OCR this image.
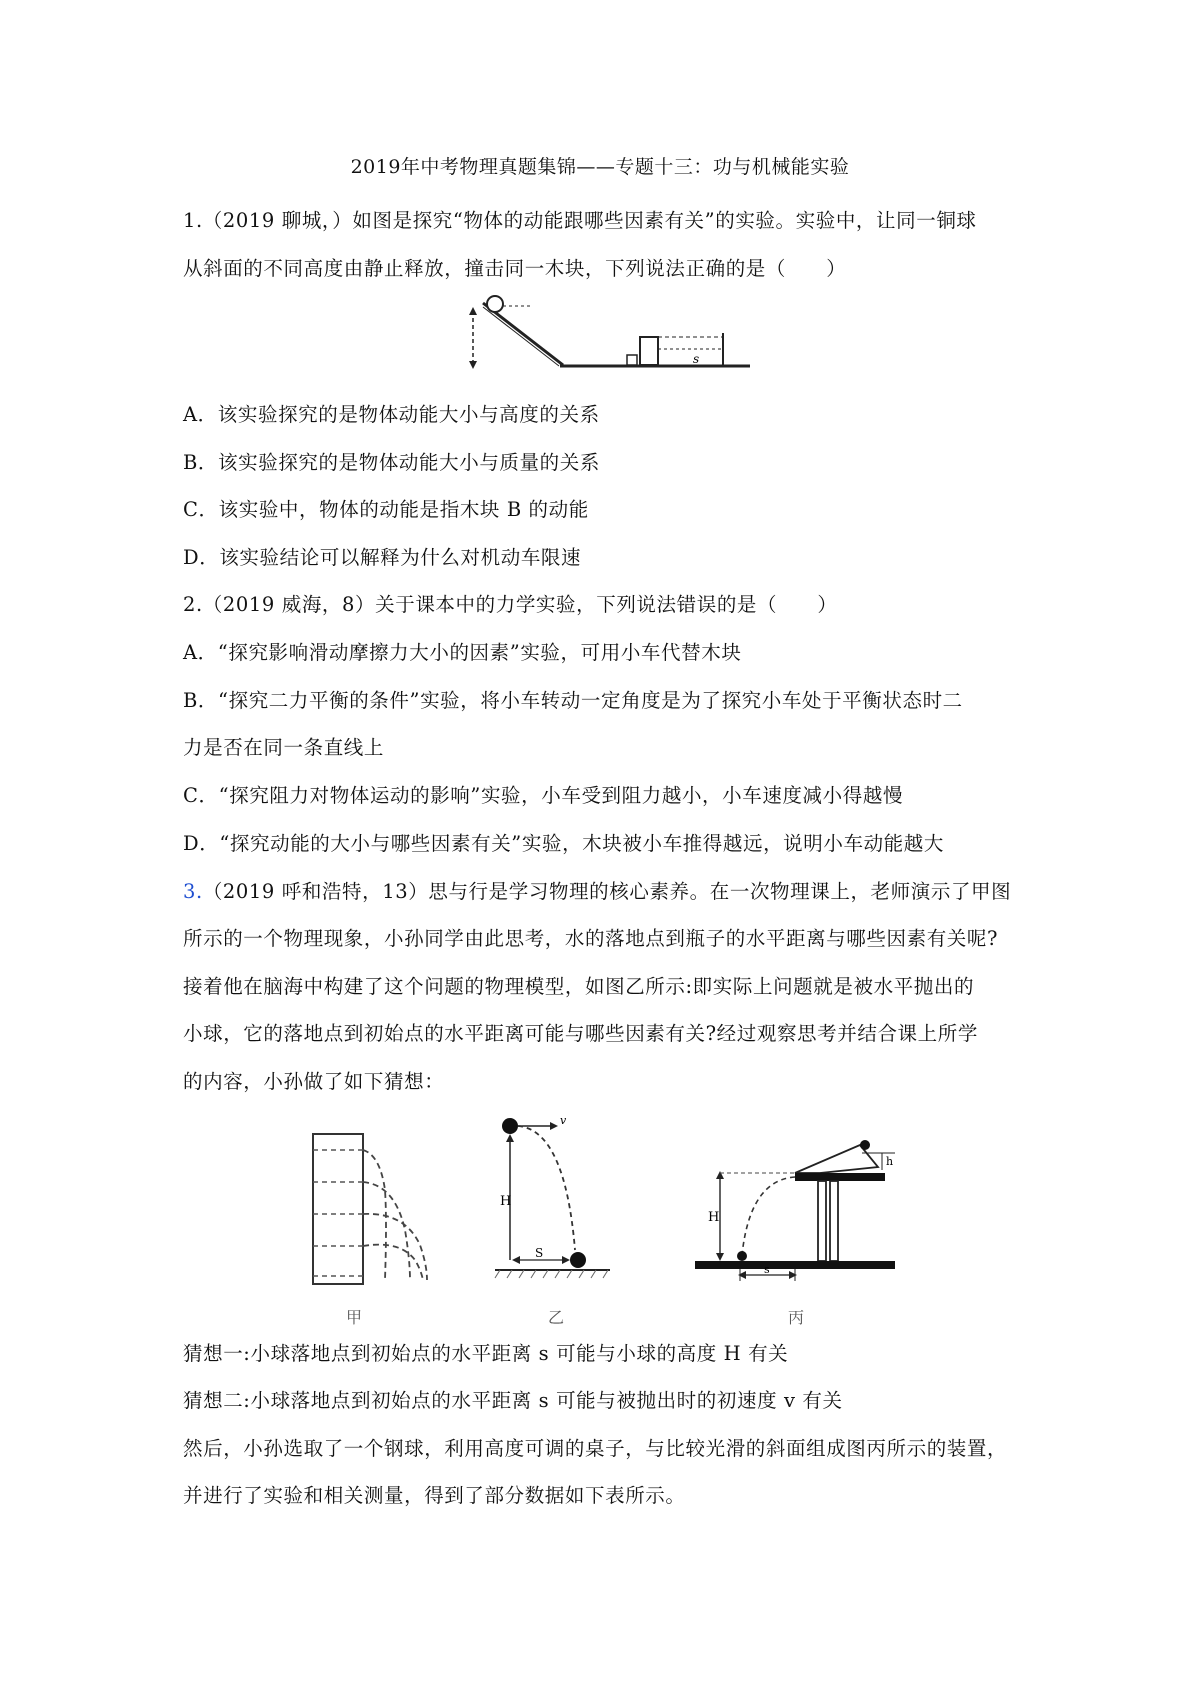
2019年中考物理真题集锦——专题十三：功与机械能实验
1.（2019 聊城，）如图是探究“物体的动能跟哪些因素有关”的实验。实验中，让同一铜球
从斜面的不同高度由静止释放，撞击同一木块，下列说法正确的是（　　）
s
A．该实验探究的是物体动能大小与高度的关系
B．该实验探究的是物体动能大小与质量的关系
C．该实验中，物体的动能是指木块 B 的动能
D．该实验结论可以解释为什么对机动车限速
2.（2019 威海，8）关于课本中的力学实验，下列说法错误的是（　　）
A．“探究影响滑动摩擦力大小的因素”实验，可用小车代替木块
B．“探究二力平衡的条件”实验，将小车转动一定角度是为了探究小车处于平衡状态时二
力是否在同一条直线上
C．“探究阻力对物体运动的影响”实验，小车受到阻力越小，小车速度减小得越慢
D．“探究动能的大小与哪些因素有关”实验，木块被小车推得越远，说明小车动能越大
3.（2019 呼和浩特，13）思与行是学习物理的核心素养。在一次物理课上，老师演示了甲图
所示的一个物理现象，小孙同学由此思考，水的落地点到瓶子的水平距离与哪些因素有关呢?
接着他在脑海中构建了这个问题的物理模型，如图乙所示:即实际上问题就是被水平抛出的
小球，它的落地点到初始点的水平距离可能与哪些因素有关?经过观察思考并结合课上所学
的内容，小孙做了如下猜想：
甲
v
H
S
乙
h
H
s
丙
猜想一:小球落地点到初始点的水平距离 s 可能与小球的高度 H 有关
猜想二:小球落地点到初始点的水平距离 s 可能与被抛出时的初速度 v 有关
然后，小孙选取了一个钢球，利用高度可调的桌子，与比较光滑的斜面组成图丙所示的装置，
并进行了实验和相关测量，得到了部分数据如下表所示。
